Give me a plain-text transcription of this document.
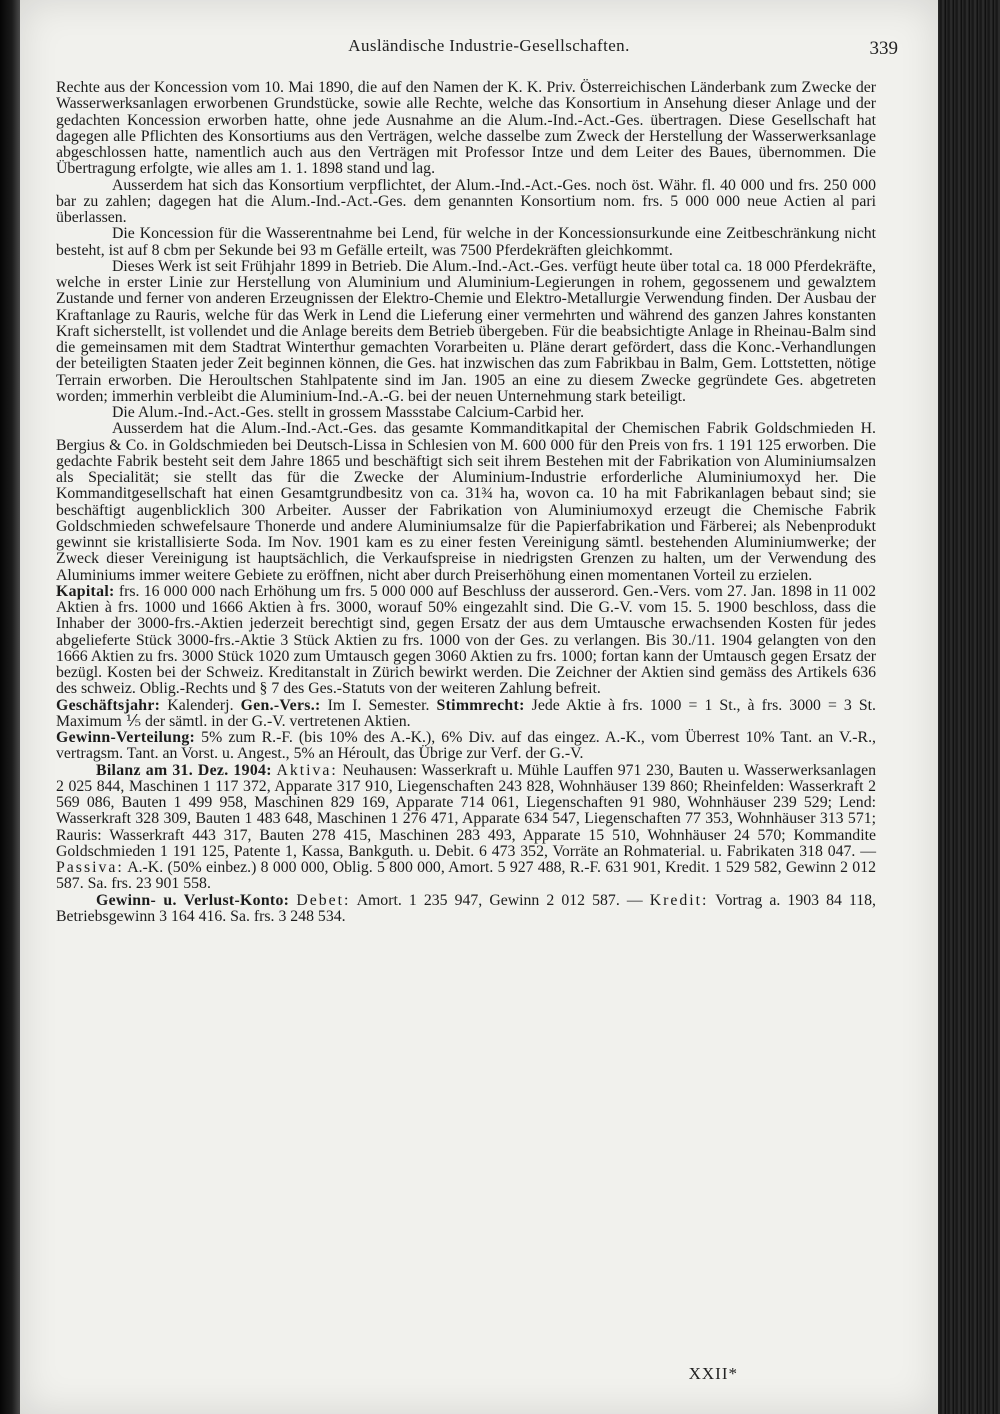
Ausländische Industrie-Gesellschaften.	339

Rechte aus der Koncession vom 10. Mai 1890, die auf den Namen der K. K. Priv. Österreichischen Länderbank zum Zwecke der Wasserwerksanlagen erworbenen Grundstücke, sowie alle Rechte, welche das Konsortium in Ansehung dieser Anlage und der gedachten Koncession erworben hatte, ohne jede Ausnahme an die Alum.-Ind.-Act.-Ges. übertragen. Diese Gesellschaft hat dagegen alle Pflichten des Konsortiums aus den Verträgen, welche dasselbe zum Zweck der Herstellung der Wasserwerksanlage abgeschlossen hatte, namentlich auch aus den Verträgen mit Professor Intze und dem Leiter des Baues, übernommen. Die Übertragung erfolgte, wie alles am 1. 1. 1898 stand und lag.

Ausserdem hat sich das Konsortium verpflichtet, der Alum.-Ind.-Act.-Ges. noch öst. Währ. fl. 40 000 und frs. 250 000 bar zu zahlen; dagegen hat die Alum.-Ind.-Act.-Ges. dem genannten Konsortium nom. frs. 5 000 000 neue Actien al pari überlassen.

Die Koncession für die Wasserentnahme bei Lend, für welche in der Koncessionsurkunde eine Zeitbeschränkung nicht besteht, ist auf 8 cbm per Sekunde bei 93 m Gefälle erteilt, was 7500 Pferdekräften gleichkommt.

Dieses Werk ist seit Frühjahr 1899 in Betrieb. Die Alum.-Ind.-Act.-Ges. verfügt heute über total ca. 18 000 Pferdekräfte, welche in erster Linie zur Herstellung von Aluminium und Aluminium-Legierungen in rohem, gegossenem und gewalztem Zustande und ferner von anderen Erzeugnissen der Elektro-Chemie und Elektro-Metallurgie Verwendung finden. Der Ausbau der Kraftanlage zu Rauris, welche für das Werk in Lend die Lieferung einer vermehrten und während des ganzen Jahres konstanten Kraft sicherstellt, ist vollendet und die Anlage bereits dem Betrieb übergeben. Für die beabsichtigte Anlage in Rheinau-Balm sind die gemeinsamen mit dem Stadtrat Winterthur gemachten Vorarbeiten u. Pläne derart gefördert, dass die Konc.-Verhandlungen der beteiligten Staaten jeder Zeit beginnen können, die Ges. hat inzwischen das zum Fabrikbau in Balm, Gem. Lottstetten, nötige Terrain erworben. Die Heroultschen Stahlpatente sind im Jan. 1905 an eine zu diesem Zwecke gegründete Ges. abgetreten worden; immerhin verbleibt die Aluminium-Ind.-A.-G. bei der neuen Unternehmung stark beteiligt.

Die Alum.-Ind.-Act.-Ges. stellt in grossem Massstabe Calcium-Carbid her.

Ausserdem hat die Alum.-Ind.-Act.-Ges. das gesamte Kommanditkapital der Chemischen Fabrik Goldschmieden H. Bergius & Co. in Goldschmieden bei Deutsch-Lissa in Schlesien von M. 600 000 für den Preis von frs. 1 191 125 erworben. Die gedachte Fabrik besteht seit dem Jahre 1865 und beschäftigt sich seit ihrem Bestehen mit der Fabrikation von Aluminiumsalzen als Specialität; sie stellt das für die Zwecke der Aluminium-Industrie erforderliche Aluminiumoxyd her. Die Kommanditgesellschaft hat einen Gesamtgrundbesitz von ca. 31¾ ha, wovon ca. 10 ha mit Fabrikanlagen bebaut sind; sie beschäftigt augenblicklich 300 Arbeiter. Ausser der Fabrikation von Aluminiumoxyd erzeugt die Chemische Fabrik Goldschmieden schwefelsaure Thonerde und andere Aluminiumsalze für die Papierfabrikation und Färberei; als Nebenprodukt gewinnt sie kristallisierte Soda. Im Nov. 1901 kam es zu einer festen Vereinigung sämtl. bestehenden Aluminiumwerke; der Zweck dieser Vereinigung ist hauptsächlich, die Verkaufspreise in niedrigsten Grenzen zu halten, um der Verwendung des Aluminiums immer weitere Gebiete zu eröffnen, nicht aber durch Preiserhöhung einen momentanen Vorteil zu erzielen.

Kapital: frs. 16 000 000 nach Erhöhung um frs. 5 000 000 auf Beschluss der ausserord. Gen.-Vers. vom 27. Jan. 1898 in 11 002 Aktien à frs. 1000 und 1666 Aktien à frs. 3000, worauf 50% eingezahlt sind. Die G.-V. vom 15. 5. 1900 beschloss, dass die Inhaber der 3000-frs.-Aktien jederzeit berechtigt sind, gegen Ersatz der aus dem Umtausche erwachsenden Kosten für jedes abgelieferte Stück 3000-frs.-Aktie 3 Stück Aktien zu frs. 1000 von der Ges. zu verlangen. Bis 30./11. 1904 gelangten von den 1666 Aktien zu frs. 3000 Stück 1020 zum Umtausch gegen 3060 Aktien zu frs. 1000; fortan kann der Umtausch gegen Ersatz der bezügl. Kosten bei der Schweiz. Kreditanstalt in Zürich bewirkt werden. Die Zeichner der Aktien sind gemäss des Artikels 636 des schweiz. Oblig.-Rechts und § 7 des Ges.-Statuts von der weiteren Zahlung befreit.

Geschäftsjahr: Kalenderj. Gen.-Vers.: Im I. Semester. Stimmrecht: Jede Aktie à frs. 1000 = 1 St., à frs. 3000 = 3 St. Maximum ⅕ der sämtl. in der G.-V. vertretenen Aktien.

Gewinn-Verteilung: 5% zum R.-F. (bis 10% des A.-K.), 6% Div. auf das eingez. A.-K., vom Überrest 10% Tant. an V.-R., vertragsm. Tant. an Vorst. u. Angest., 5% an Héroult, das Übrige zur Verf. der G.-V.

Bilanz am 31. Dez. 1904: Aktiva: Neuhausen: Wasserkraft u. Mühle Lauffen 971 230, Bauten u. Wasserwerksanlagen 2 025 844, Maschinen 1 117 372, Apparate 317 910, Liegenschaften 243 828, Wohnhäuser 139 860; Rheinfelden: Wasserkraft 2 569 086, Bauten 1 499 958, Maschinen 829 169, Apparate 714 061, Liegenschaften 91 980, Wohnhäuser 239 529; Lend: Wasserkraft 328 309, Bauten 1 483 648, Maschinen 1 276 471, Apparate 634 547, Liegenschaften 77 353, Wohnhäuser 313 571; Rauris: Wasserkraft 443 317, Bauten 278 415, Maschinen 283 493, Apparate 15 510, Wohnhäuser 24 570; Kommandite Goldschmieden 1 191 125, Patente 1, Kassa, Bankguth. u. Debit. 6 473 352, Vorräte an Rohmaterial. u. Fabrikaten 318 047. — Passiva: A.-K. (50% einbez.) 8 000 000, Oblig. 5 800 000, Amort. 5 927 488, R.-F. 631 901, Kredit. 1 529 582, Gewinn 2 012 587. Sa. frs. 23 901 558.

Gewinn- u. Verlust-Konto: Debet: Amort. 1 235 947, Gewinn 2 012 587. — Kredit: Vortrag a. 1903 84 118, Betriebsgewinn 3 164 416. Sa. frs. 3 248 534.

XXII*
